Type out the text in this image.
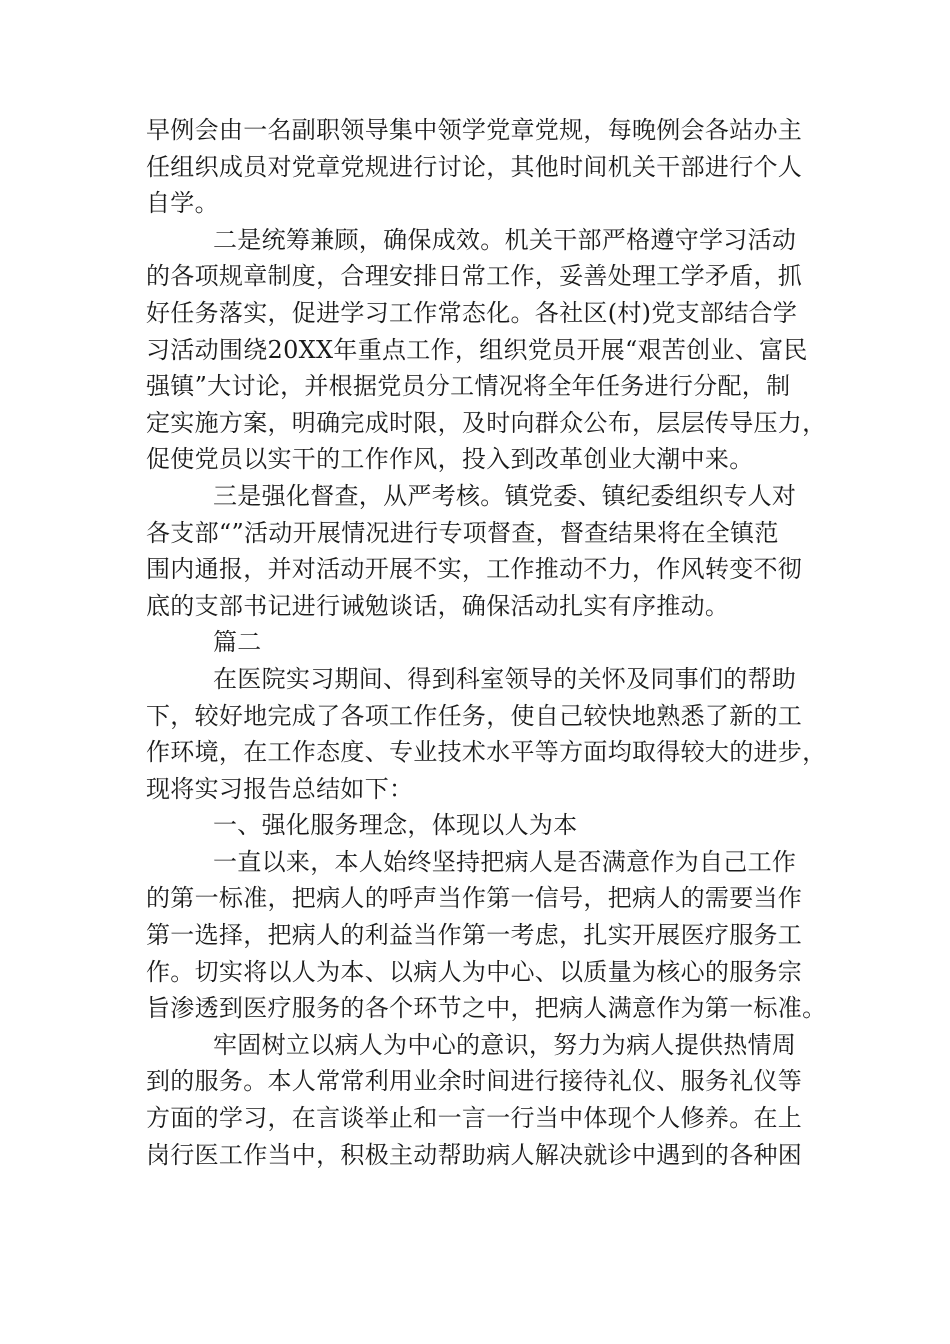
早例会由一名副职领导集中领学党章党规，每晚例会各站办主
任组织成员对党章党规进行讨论，其他时间机关干部进行个人
自学。
二是统筹兼顾，确保成效。机关干部严格遵守学习活动
的各项规章制度，合理安排日常工作，妥善处理工学矛盾，抓
好任务落实，促进学习工作常态化。各社区(村)党支部结合学
习活动围绕20XX年重点工作，组织党员开展“艰苦创业、富民
强镇”大讨论，并根据党员分工情况将全年任务进行分配，制
定实施方案，明确完成时限，及时向群众公布，层层传导压力，
促使党员以实干的工作作风，投入到改革创业大潮中来。
三是强化督查，从严考核。镇党委、镇纪委组织专人对
各支部“”活动开展情况进行专项督查，督查结果将在全镇范
围内通报，并对活动开展不实，工作推动不力，作风转变不彻
底的支部书记进行诫勉谈话，确保活动扎实有序推动。
篇二
在医院实习期间、得到科室领导的关怀及同事们的帮助
下，较好地完成了各项工作任务，使自己较快地熟悉了新的工
作环境，在工作态度、专业技术水平等方面均取得较大的进步，
现将实习报告总结如下：
一、强化服务理念，体现以人为本
一直以来，本人始终坚持把病人是否满意作为自己工作
的第一标准，把病人的呼声当作第一信号，把病人的需要当作
第一选择，把病人的利益当作第一考虑，扎实开展医疗服务工
作。切实将以人为本、以病人为中心、以质量为核心的服务宗
旨渗透到医疗服务的各个环节之中，把病人满意作为第一标准。
牢固树立以病人为中心的意识，努力为病人提供热情周
到的服务。本人常常利用业余时间进行接待礼仪、服务礼仪等
方面的学习，在言谈举止和一言一行当中体现个人修养。在上
岗行医工作当中，积极主动帮助病人解决就诊中遇到的各种困
